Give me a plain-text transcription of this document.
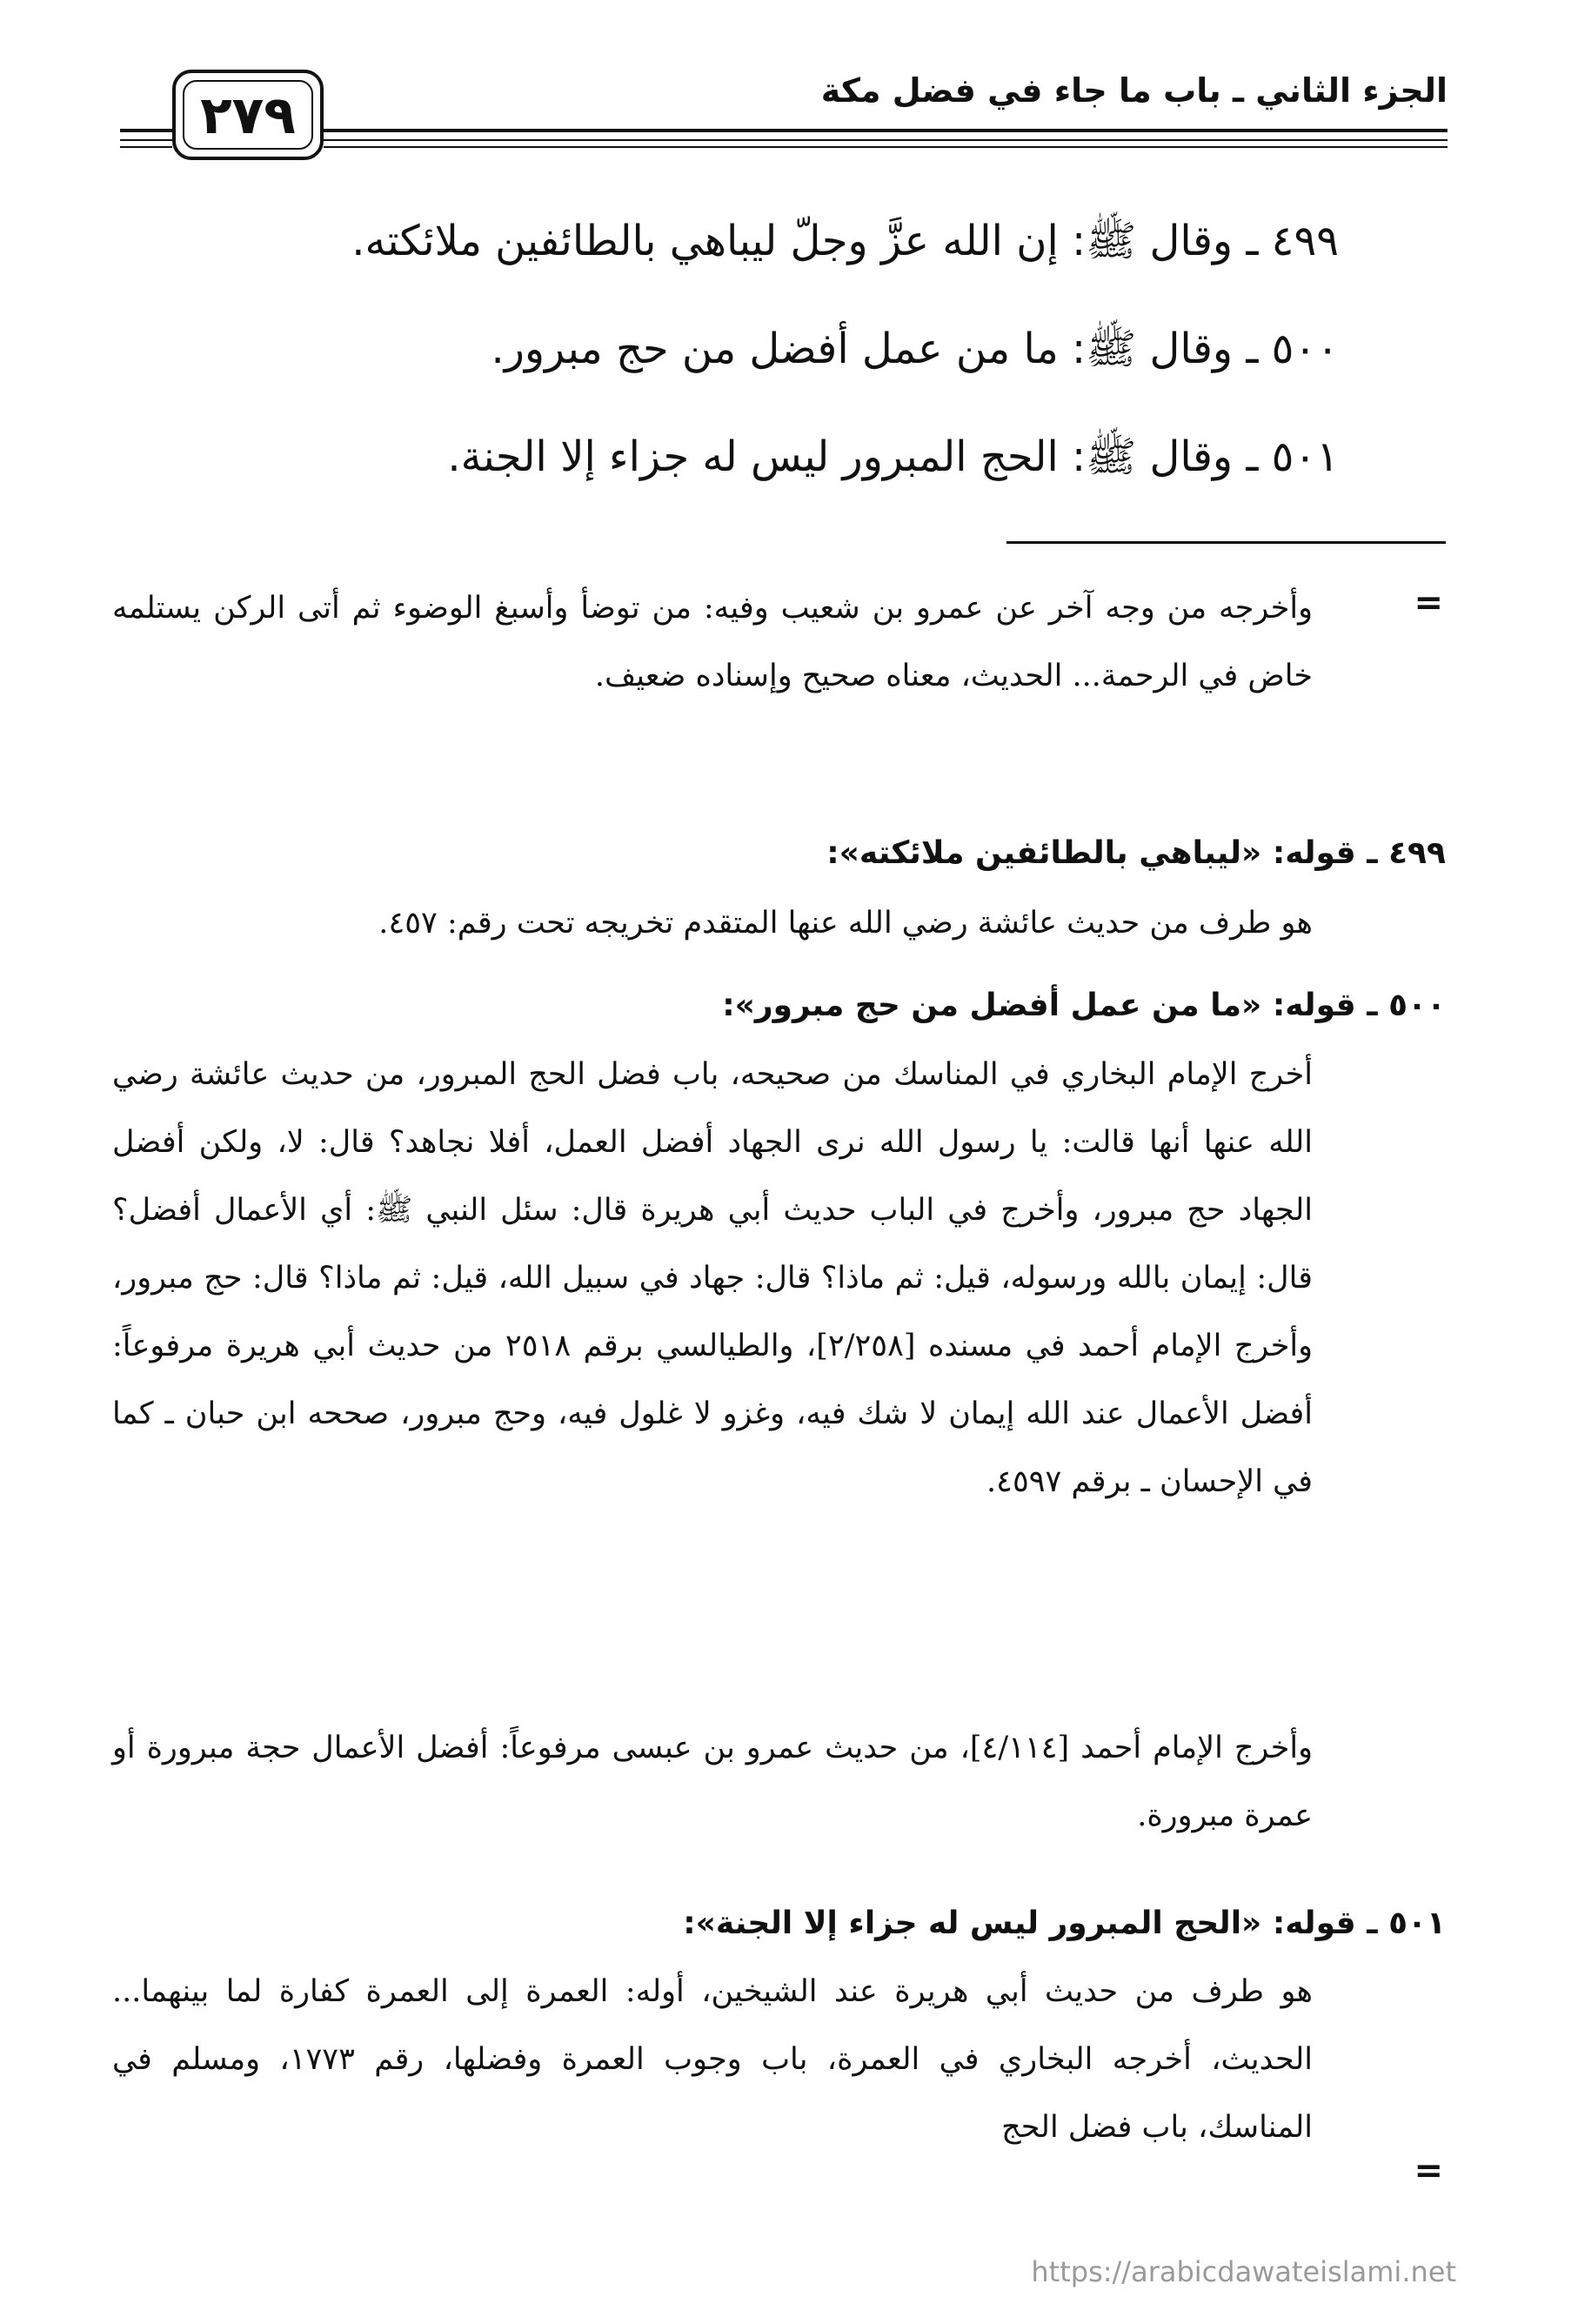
الجزء الثاني ـ باب ما جاء في فضل مكة
٢٧٩
٤٩٩ ـ وقال ﷺ: إن الله عزَّ وجلّ ليباهي بالطائفين ملائكته.
٥٠٠ ـ وقال ﷺ: ما من عمل أفضل من حج مبرور.
٥٠١ ـ وقال ﷺ: الحج المبرور ليس له جزاء إلا الجنة.
=
وأخرجه من وجه آخر عن عمرو بن شعيب وفيه: من توضأ وأسبغ الوضوء ثم أتى الركن يستلمه خاض في الرحمة... الحديث، معناه صحيح وإسناده ضعيف.
٤٩٩ ـ قوله: «ليباهي بالطائفين ملائكته»:
هو طرف من حديث عائشة رضي الله عنها المتقدم تخريجه تحت رقم: ٤٥٧.
٥٠٠ ـ قوله: «ما من عمل أفضل من حج مبرور»:
أخرج الإمام البخاري في المناسك من صحيحه، باب فضل الحج المبرور، من حديث عائشة رضي الله عنها أنها قالت: يا رسول الله نرى الجهاد أفضل العمل، أفلا نجاهد؟ قال: لا، ولكن أفضل الجهاد حج مبرور، وأخرج في الباب حديث أبي هريرة قال: سئل النبي ﷺ: أي الأعمال أفضل؟ قال: إيمان بالله ورسوله، قيل: ثم ماذا؟ قال: جهاد في سبيل الله، قيل: ثم ماذا؟ قال: حج مبرور، وأخرج الإمام أحمد في مسنده [٢/٢٥٨]، والطيالسي برقم ٢٥١٨ من حديث أبي هريرة مرفوعاً: أفضل الأعمال عند الله إيمان لا شك فيه، وغزو لا غلول فيه، وحج مبرور، صححه ابن حبان ـ كما في الإحسان ـ برقم ٤٥٩٧.
وأخرج الإمام أحمد [٤/١١٤]، من حديث عمرو بن عبسى مرفوعاً: أفضل الأعمال حجة مبرورة أو عمرة مبرورة.
٥٠١ ـ قوله: «الحج المبرور ليس له جزاء إلا الجنة»:
هو طرف من حديث أبي هريرة عند الشيخين، أوله: العمرة إلى العمرة كفارة لما بينهما... الحديث، أخرجه البخاري في العمرة، باب وجوب العمرة وفضلها، رقم ١٧٧٣، ومسلم في المناسك، باب فضل الحج
=
https://arabicdawateislami.net
